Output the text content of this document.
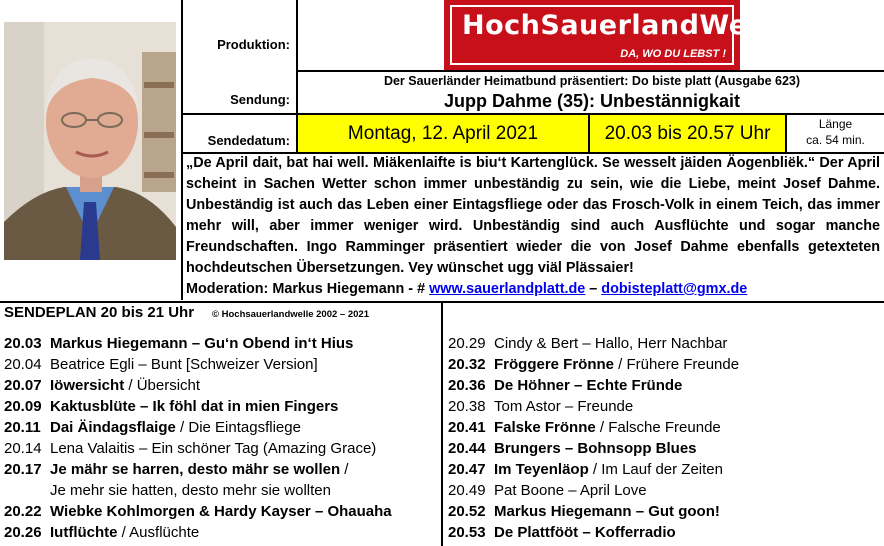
Produktion:
Sendung:
Sendedatum:
HochSauerlandWelle
DA, WO DU LEBST !
Der Sauerländer Heimatbund präsentiert: Do biste platt (Ausgabe 623)
Jupp Dahme (35): Unbestännigkait
Montag, 12. April 2021	20.03 bis 20.57 Uhr	Länge
ca. 54 min.
„De April dait, bat hai well. Miäkenlaifte is biu‘t Kartenglück. Se wesselt jäiden Äogenbliëk.“ Der April scheint in Sachen Wetter schon immer unbeständig zu sein, wie die Liebe, meint Josef Dahme. Unbeständig ist auch das Leben einer Eintagsfliege oder das Frosch-Volk in einem Teich, das immer mehr will, aber immer weniger wird. Unbeständig sind auch Ausflüchte und sogar manche Freundschaften. Ingo Ramminger präsentiert wieder die von Josef Dahme ebenfalls getexteten hochdeutschen Übersetzungen. Vey wünschet ugg viäl Plässaier!
Moderation: Markus Hiegemann - # www.sauerlandplatt.de – dobisteplatt@gmx.de
SENDEPLAN 20 bis 21 Uhr © Hochsauerlandwelle 2002 – 2021
20.03 Markus Hiegemann – Gu‘n Obend in‘t Hius
20.04 Beatrice Egli – Bunt [Schweizer Version]
20.07 Iöwersicht / Übersicht
20.09 Kaktusblüte – Ik föhl dat in mien Fingers
20.11 Dai Äindagsflaige / Die Eintagsfliege
20.14 Lena Valaitis – Ein schöner Tag (Amazing Grace)
20.17 Je mähr se harren, desto mähr se wollen /
Je mehr sie hatten, desto mehr sie wollten
20.22 Wiebke Kohlmorgen & Hardy Kayser – Ohauaha
20.26 Iutflüchte / Ausflüchte
20.29 Cindy & Bert – Hallo, Herr Nachbar
20.32 Fröggere Frönne / Frühere Freunde
20.36 De Höhner – Echte Fründe
20.38 Tom Astor – Freunde
20.41 Falske Frönne / Falsche Freunde
20.44 Brungers – Bohnsopp Blues
20.47 Im Teyenläop / Im Lauf der Zeiten
20.49 Pat Boone – April Love
20.52 Markus Hiegemann – Gut goon!
20.53 De Plattfööt – Kofferradio
